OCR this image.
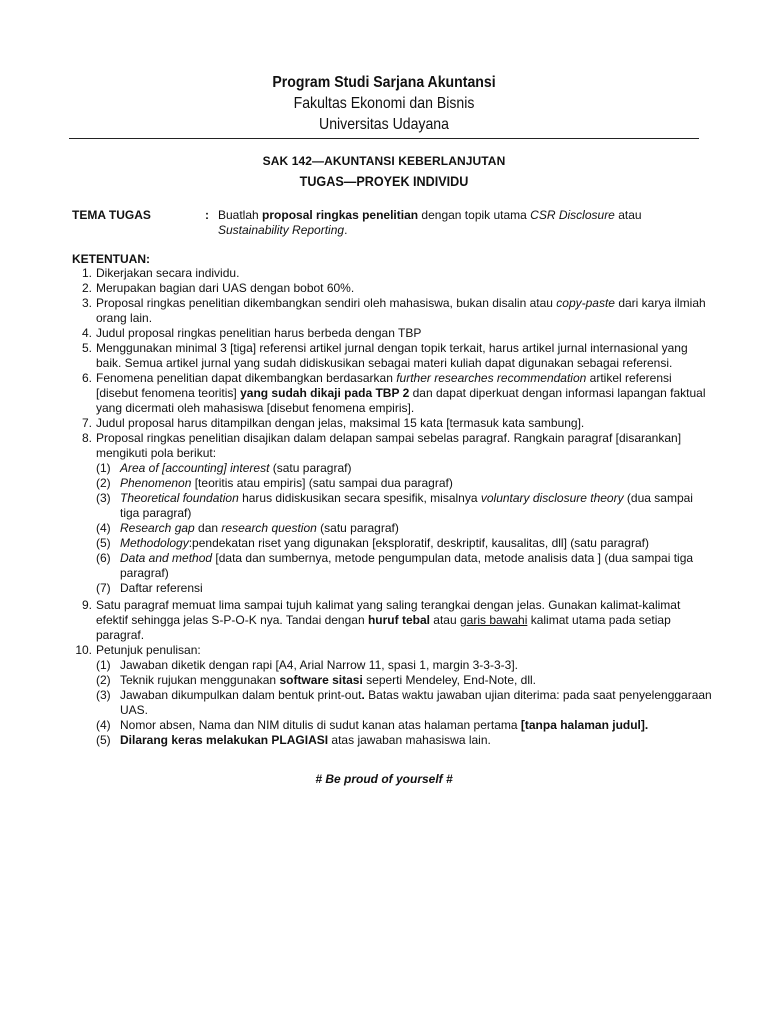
Program Studi Sarjana Akuntansi
Fakultas Ekonomi dan Bisnis
Universitas Udayana
SAK 142—AKUNTANSI KEBERLANJUTAN
TUGAS—PROYEK INDIVIDU
TEMA TUGAS	: Buatlah proposal ringkas penelitian dengan topik utama CSR Disclosure atau

Sustainability Reporting.

KETENTUAN:
1. Dikerjakan secara individu.
2. Merupakan bagian dari UAS dengan bobot 60%.
3. Proposal ringkas penelitian dikembangkan sendiri oleh mahasiswa, bukan disalin atau copy-paste dari karya ilmiah orang lain.
4. Judul proposal ringkas penelitian harus berbeda dengan TBP
5. Menggunakan minimal 3 [tiga] referensi artikel jurnal dengan topik terkait, harus artikel jurnal internasional yang baik. Semua artikel jurnal yang sudah didiskusikan sebagai materi kuliah dapat digunakan sebagai referensi.
6. Fenomena penelitian dapat dikembangkan berdasarkan further researches recommendation artikel referensi [disebut fenomena teoritis] yang sudah dikaji pada TBP 2 dan dapat diperkuat dengan informasi lapangan faktual yang dicermati oleh mahasiswa [disebut fenomena empiris].
7. Judul proposal harus ditampilkan dengan jelas, maksimal 15 kata [termasuk kata sambung].
8. Proposal ringkas penelitian disajikan dalam delapan sampai sebelas paragraf. Rangkain paragraf [disarankan] mengikuti pola berikut:
(1) Area of [accounting] interest (satu paragraf)
(2) Phenomenon [teoritis atau empiris] (satu sampai dua paragraf)
(3) Theoretical foundation harus didiskusikan secara spesifik, misalnya voluntary disclosure theory (dua sampai tiga paragraf)
(4) Research gap dan research question (satu paragraf)
(5) Methodology:pendekatan riset yang digunakan [eksploratif, deskriptif, kausalitas, dll] (satu paragraf)
(6) Data and method [data dan sumbernya, metode pengumpulan data, metode analisis data ] (dua sampai tiga paragraf)
(7) Daftar referensi
9. Satu paragraf memuat lima sampai tujuh kalimat yang saling terangkai dengan jelas. Gunakan kalimat-kalimat efektif sehingga jelas S-P-O-K nya. Tandai dengan huruf tebal atau garis bawahi kalimat utama pada setiap paragraf.
10. Petunjuk penulisan:
(1) Jawaban diketik dengan rapi [A4, Arial Narrow 11, spasi 1, margin 3-3-3-3].
(2) Teknik rujukan menggunakan software sitasi seperti Mendeley, End-Note, dll.
(3) Jawaban dikumpulkan dalam bentuk print-out. Batas waktu jawaban ujian diterima: pada saat penyelenggaraan UAS.
(4) Nomor absen, Nama dan NIM ditulis di sudut kanan atas halaman pertama [tanpa halaman judul].
(5) Dilarang keras melakukan PLAGIASI atas jawaban mahasiswa lain.
# Be proud of yourself #
